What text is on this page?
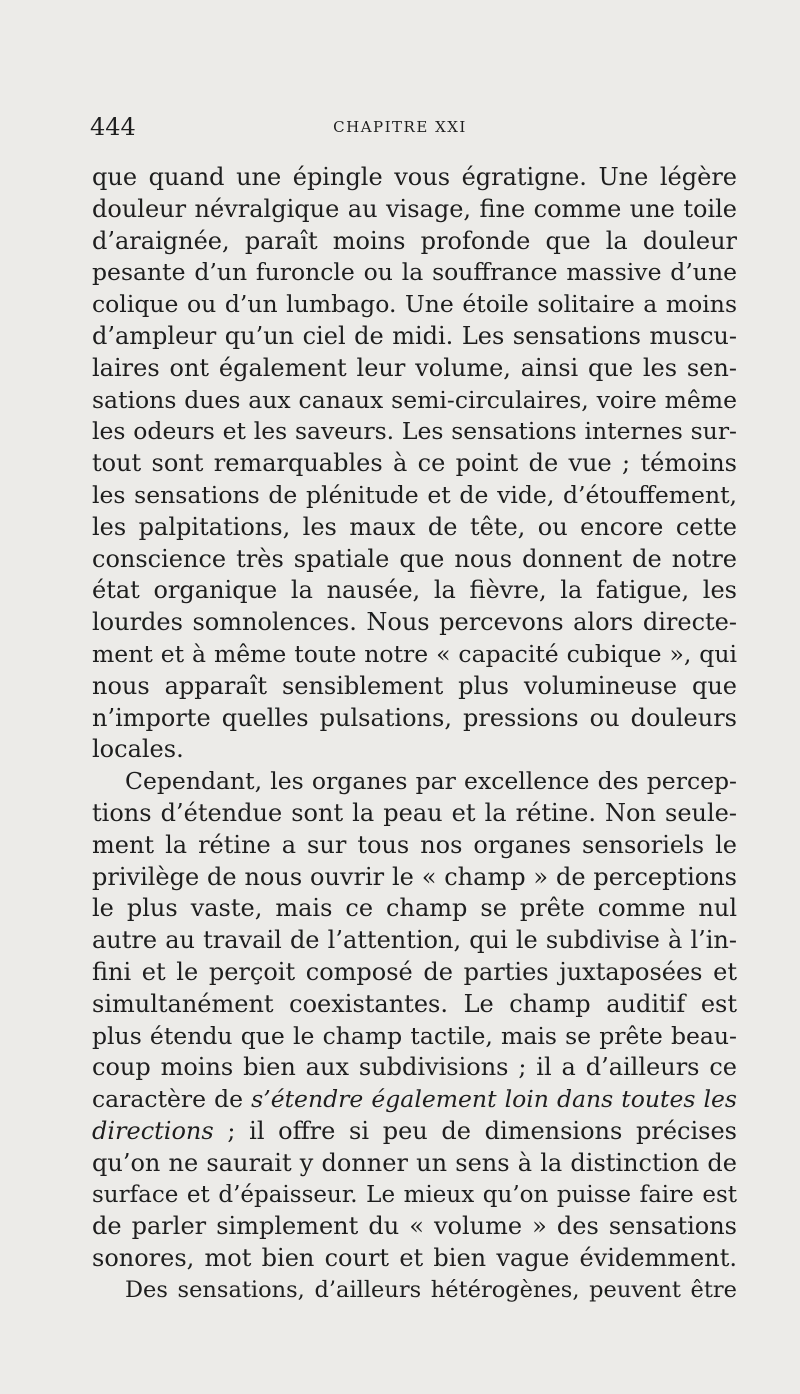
444	CHAPITRE XXI
que quand une épingle vous égratigne. Une légère
douleur névralgique au visage, fine comme une toile
d’araignée, paraît moins profonde que la douleur
pesante d’un furoncle ou la souffrance massive d’une
colique ou d’un lumbago. Une étoile solitaire a moins
d’ampleur qu’un ciel de midi. Les sensations muscu-
laires ont également leur volume, ainsi que les sen-
sations dues aux canaux semi-circulaires, voire même
les odeurs et les saveurs. Les sensations internes sur-
tout sont remarquables à ce point de vue ; témoins
les sensations de plénitude et de vide, d’étouffement,
les palpitations, les maux de tête, ou encore cette
conscience très spatiale que nous donnent de notre
état organique la nausée, la fièvre, la fatigue, les
lourdes somnolences. Nous percevons alors directe-
ment et à même toute notre « capacité cubique », qui
nous apparaît sensiblement plus volumineuse que
n’importe quelles pulsations, pressions ou douleurs
locales.
Cependant, les organes par excellence des percep-
tions d’étendue sont la peau et la rétine. Non seule-
ment la rétine a sur tous nos organes sensoriels le
privilège de nous ouvrir le « champ » de perceptions
le plus vaste, mais ce champ se prête comme nul
autre au travail de l’attention, qui le subdivise à l’in-
fini et le perçoit composé de parties juxtaposées et
simultanément coexistantes. Le champ auditif est
plus étendu que le champ tactile, mais se prête beau-
coup moins bien aux subdivisions ; il a d’ailleurs ce
caractère de s’étendre également loin dans toutes les
directions ; il offre si peu de dimensions précises
qu’on ne saurait y donner un sens à la distinction de
surface et d’épaisseur. Le mieux qu’on puisse faire est
de parler simplement du « volume » des sensations
sonores, mot bien court et bien vague évidemment.
Des sensations, d’ailleurs hétérogènes, peuvent être
